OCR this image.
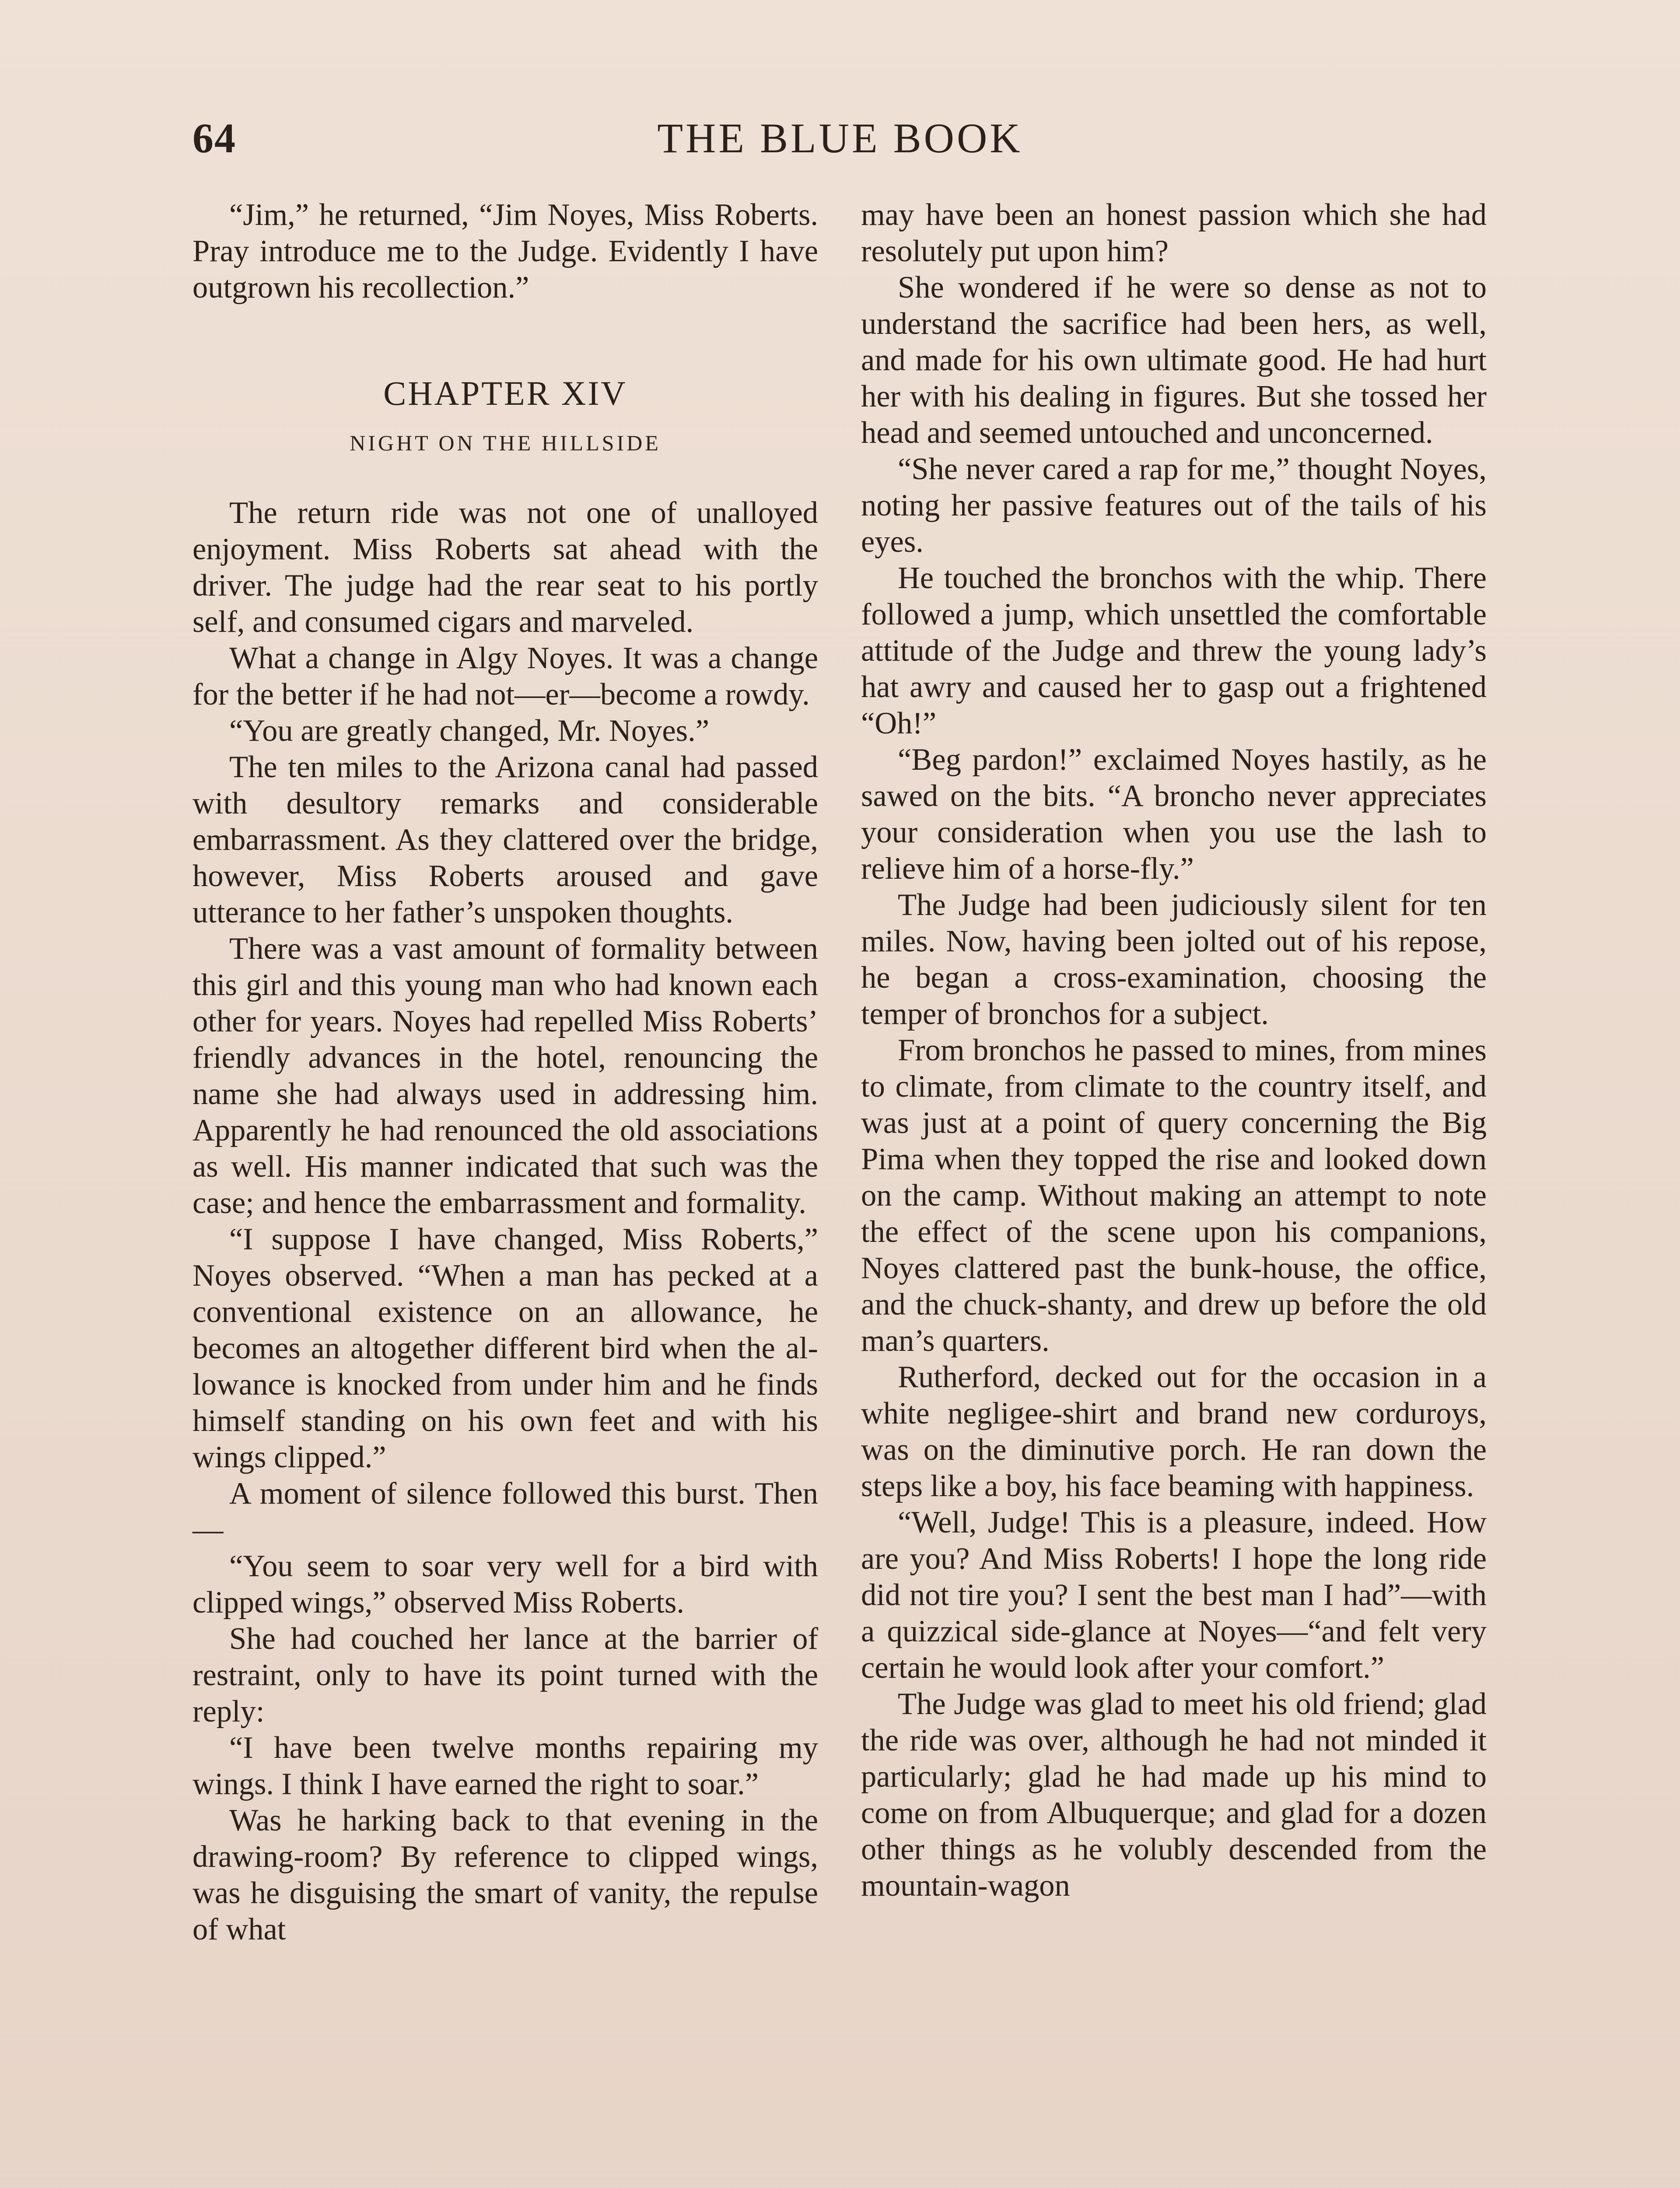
64	THE BLUE BOOK

“Jim,” he returned, “Jim Noyes, Miss Roberts. Pray introduce me to the Judge. Evidently I have outgrown his recollection.”

CHAPTER XIV
NIGHT ON THE HILLSIDE

The return ride was not one of unalloyed enjoyment. Miss Roberts sat ahead with the driver. The judge had the rear seat to his portly self, and consumed cigars and marveled.

What a change in Algy Noyes. It was a change for the better if he had not—er—become a rowdy.

“You are greatly changed, Mr. Noyes.”

The ten miles to the Arizona canal had passed with desultory remarks and considerable embarrassment. As they clattered over the bridge, however, Miss Roberts aroused and gave utterance to her father’s unspoken thoughts.

There was a vast amount of formality between this girl and this young man who had known each other for years. Noyes had repelled Miss Roberts’ friendly advances in the hotel, renouncing the name she had always used in addressing him. Apparently he had renounced the old associations as well. His manner indicated that such was the case; and hence the embarrassment and formality.

“I suppose I have changed, Miss Roberts,” Noyes observed. “When a man has pecked at a conventional existence on an allowance, he becomes an altogether different bird when the allowance is knocked from under him and he finds himself standing on his own feet and with his wings clipped.”

A moment of silence followed this burst. Then—

“You seem to soar very well for a bird with clipped wings,” observed Miss Roberts.

She had couched her lance at the barrier of restraint, only to have its point turned with the reply:

“I have been twelve months repairing my wings. I think I have earned the right to soar.”

Was he harking back to that evening in the drawing-room? By reference to clipped wings, was he disguising the smart of vanity, the repulse of what

may have been an honest passion which she had resolutely put upon him?

She wondered if he were so dense as not to understand the sacrifice had been hers, as well, and made for his own ultimate good. He had hurt her with his dealing in figures. But she tossed her head and seemed untouched and unconcerned.

“She never cared a rap for me,” thought Noyes, noting her passive features out of the tails of his eyes.

He touched the bronchos with the whip. There followed a jump, which unsettled the comfortable attitude of the Judge and threw the young lady’s hat awry and caused her to gasp out a frightened “Oh!”

“Beg pardon!” exclaimed Noyes hastily, as he sawed on the bits. “A broncho never appreciates your consideration when you use the lash to relieve him of a horse-fly.”

The Judge had been judiciously silent for ten miles. Now, having been jolted out of his repose, he began a cross-examination, choosing the temper of bronchos for a subject.

From bronchos he passed to mines, from mines to climate, from climate to the country itself, and was just at a point of query concerning the Big Pima when they topped the rise and looked down on the camp. Without making an attempt to note the effect of the scene upon his companions, Noyes clattered past the bunk-house, the office, and the chuck-shanty, and drew up before the old man’s quarters.

Rutherford, decked out for the occasion in a white negligee-shirt and brand new corduroys, was on the diminutive porch. He ran down the steps like a boy, his face beaming with happiness.

“Well, Judge! This is a pleasure, indeed. How are you? And Miss Roberts! I hope the long ride did not tire you? I sent the best man I had”—with a quizzical side-glance at Noyes—“and felt very certain he would look after your comfort.”

The Judge was glad to meet his old friend; glad the ride was over, although he had not minded it particularly; glad he had made up his mind to come on from Albuquerque; and glad for a dozen other things as he volubly descended from the mountain-wagon
